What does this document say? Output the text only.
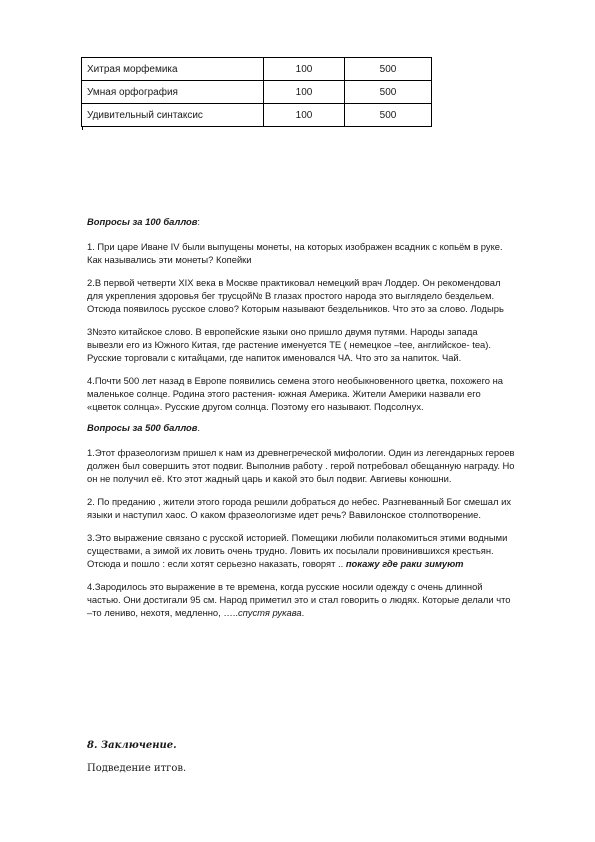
Хитрая морфемика	100	500
Умная орфография	100	500
Удивительный синтаксис	100	500

Вопросы за 100 баллов:

1. При царе Иване IV были выпущены монеты, на которых изображен всадник с копьём в руке. Как назывались эти монеты? Копейки

2.В первой четверти XIX века в Москве практиковал немецкий врач Лоддер. Он рекомендовал для укрепления здоровья бег трусцой№ В глазах простого народа это выглядело бездельем. Отсюда появилось русское слово? Которым называют бездельников. Что это за слово. Лодырь

3№это китайское слово. В европейские языки оно пришло двумя путями. Народы запада вывезли его из Южного Китая, где растение именуется TE ( немецкое –tee, английское- tea). Русские торговали с китайцами, где напиток именовался ЧА. Что это за напиток. Чай.

4.Почти 500 лет назад в Европе появились семена этого необыкновенного цветка, похожего на маленькое солнце. Родина этого растения- южная Америка. Жители Америки назвали его «цветок солнца». Русские другом солнца. Поэтому его называют. Подсолнух.

Вопросы за 500 баллов.

1.Этот фразеологизм пришел к нам из древнегреческой мифологии. Один из легендарных героев должен был совершить этот подвиг. Выполнив работу . герой потребовал обещанную награду. Но он не получил её. Кто этот жадный царь и какой это был подвиг. Авгиевы конюшни.

2. По преданию , жители этого города решили добраться до небес. Разгневанный Бог смешал их языки и наступил хаос. О каком фразеологизме идет речь? Вавилонское столпотворение.

3.Это выражение связано с русской историей. Помещики любили полакомиться этими водными существами, а зимой их ловить очень трудно. Ловить их посылали провинившихся крестьян. Отсюда и пошло : если хотят серьезно наказать, говорят .. покажу где раки зимуют

4.Зародилось это выражение в те времена, когда русские носили одежду с очень длинной частью. Они достигали 95 см. Народ приметил это и стал говорить о людях. Которые делали что –то лениво, нехотя, медленно, …..спустя рукава.

8. Заключение.
Подведение итгов.
